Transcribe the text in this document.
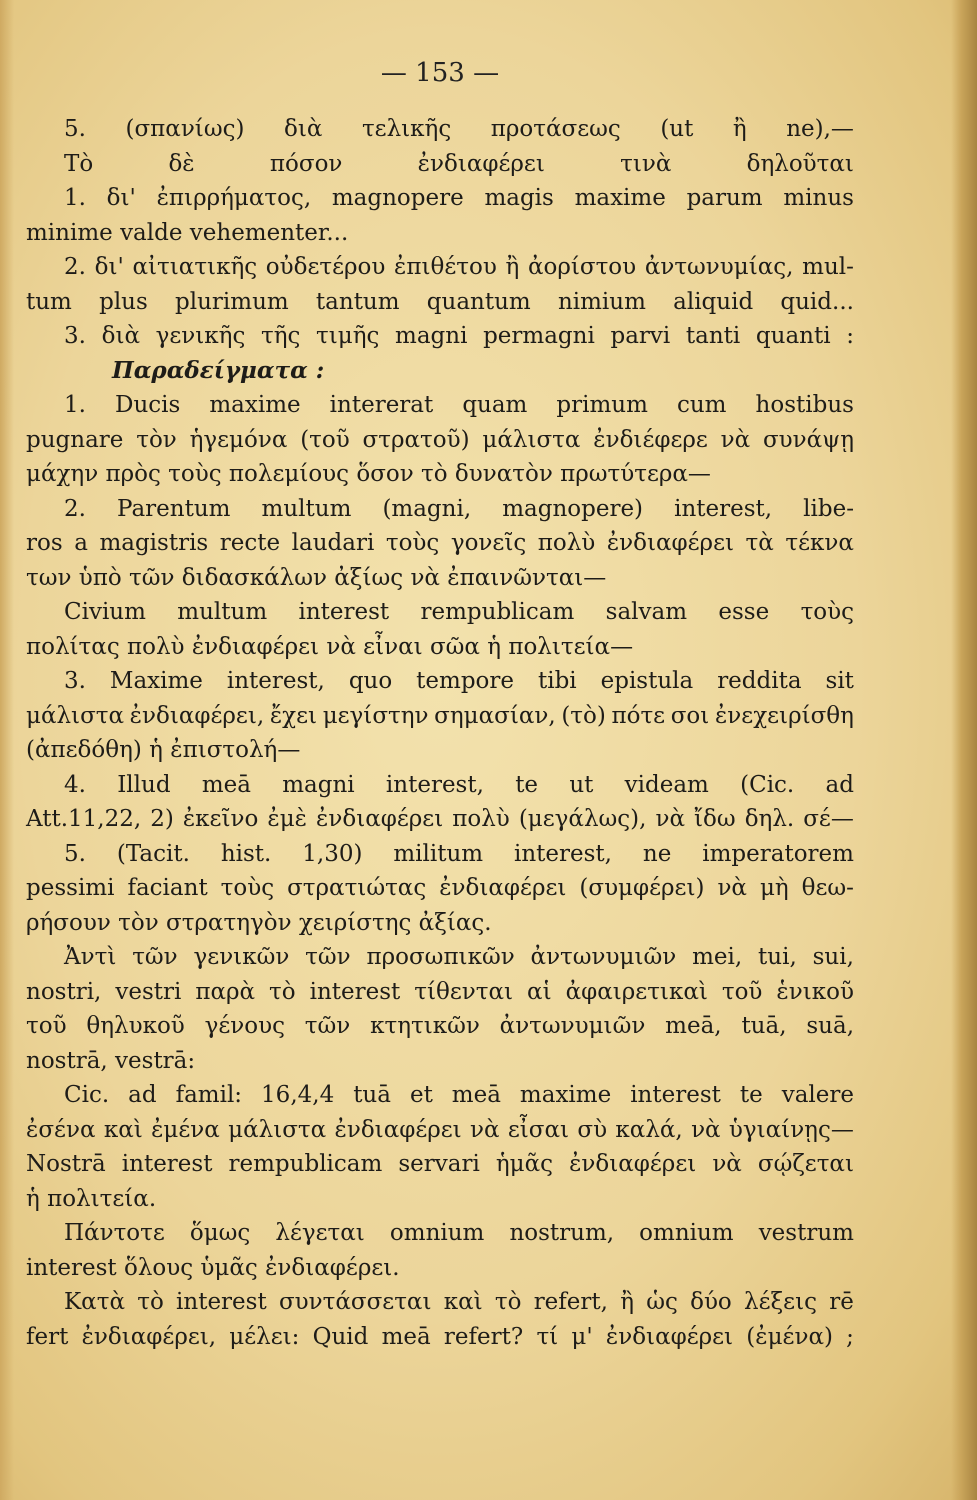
— 153 —
5. (σπανίως) διὰ τελικῆς προτάσεως (ut ἢ ne),—
Τὸ	δὲ	πόσον	ἐνδιαφέρει	τινὰ	δηλοῦται
1. δι' ἐπιρρήματος, magnopere magis maxime parum minus
minime valde vehementer...
2. δι' αἰτιατικῆς οὐδετέρου ἐπιθέτου ἢ ἀορίστου ἀντωνυμίας, mul-
tum plus plurimum tantum quantum nimium aliquid quid...
3. διὰ γενικῆς τῆς τιμῆς magni permagni parvi tanti quanti :
Παραδείγματα :
1. Ducis maxime intererat quam primum cum hostibus
pugnare τὸν ἡγεμόνα (τοῦ στρατοῦ) μάλιστα ἐνδιέφερε νὰ συνάψῃ
μάχην πρὸς τοὺς πολεμίους ὅσον τὸ δυνατὸν πρωτύτερα—
2. Parentum multum (magni, magnopere) interest, libe-
ros a magistris recte laudari τοὺς γονεῖς πολὺ ἐνδιαφέρει τὰ τέκνα
των ὑπὸ τῶν διδασκάλων ἀξίως νὰ ἐπαινῶνται—
Civium multum interest rempublicam salvam esse τοὺς
πολίτας πολὺ ἐνδιαφέρει νὰ εἶναι σῶα ἡ πολιτεία—
3. Maxime interest, quo tempore tibi epistula reddita sit
μάλιστα ἐνδιαφέρει, ἔχει μεγίστην σημασίαν, (τὸ) πότε σοι ἐνεχειρίσθη
(ἀπεδόθη) ἡ ἐπιστολή—
4. Illud meā magni interest, te ut videam (Cic. ad
Att.11,22, 2) ἐκεῖνο ἐμὲ ἐνδιαφέρει πολὺ (μεγάλως), νὰ ἴδω δηλ. σέ—
5. (Tacit. hist. 1,30) militum interest, ne imperatorem
pessimi faciant τοὺς στρατιώτας ἐνδιαφέρει (συμφέρει) νὰ μὴ θεω-
ρήσουν τὸν στρατηγὸν χειρίστης ἀξίας.
Ἀντὶ τῶν γενικῶν τῶν προσωπικῶν ἀντωνυμιῶν mei, tui, sui,
nostri, vestri παρὰ τὸ interest τίθενται αἱ ἀφαιρετικαὶ τοῦ ἑνικοῦ
τοῦ θηλυκοῦ γένους τῶν κτητικῶν ἀντωνυμιῶν meā, tuā, suā,
nostrā, vestrā:
Cic. ad famil: 16,4,4 tuā et meā maxime interest te valere
ἐσένα καὶ ἐμένα μάλιστα ἐνδιαφέρει νὰ εἶσαι σὺ καλά, νὰ ὑγιαίνῃς—
Nostrā interest rempublicam servari ἡμᾶς ἐνδιαφέρει νὰ σῴζεται
ἡ πολιτεία.
Πάντοτε ὅμως λέγεται omnium nostrum, omnium vestrum
interest ὅλους ὑμᾶς ἐνδιαφέρει.
Κατὰ τὸ interest συντάσσεται καὶ τὸ refert, ἢ ὡς δύο λέξεις rē
fert ἐνδιαφέρει, μέλει: Quid meā refert? τί μ' ἐνδιαφέρει (ἐμένα) ;
